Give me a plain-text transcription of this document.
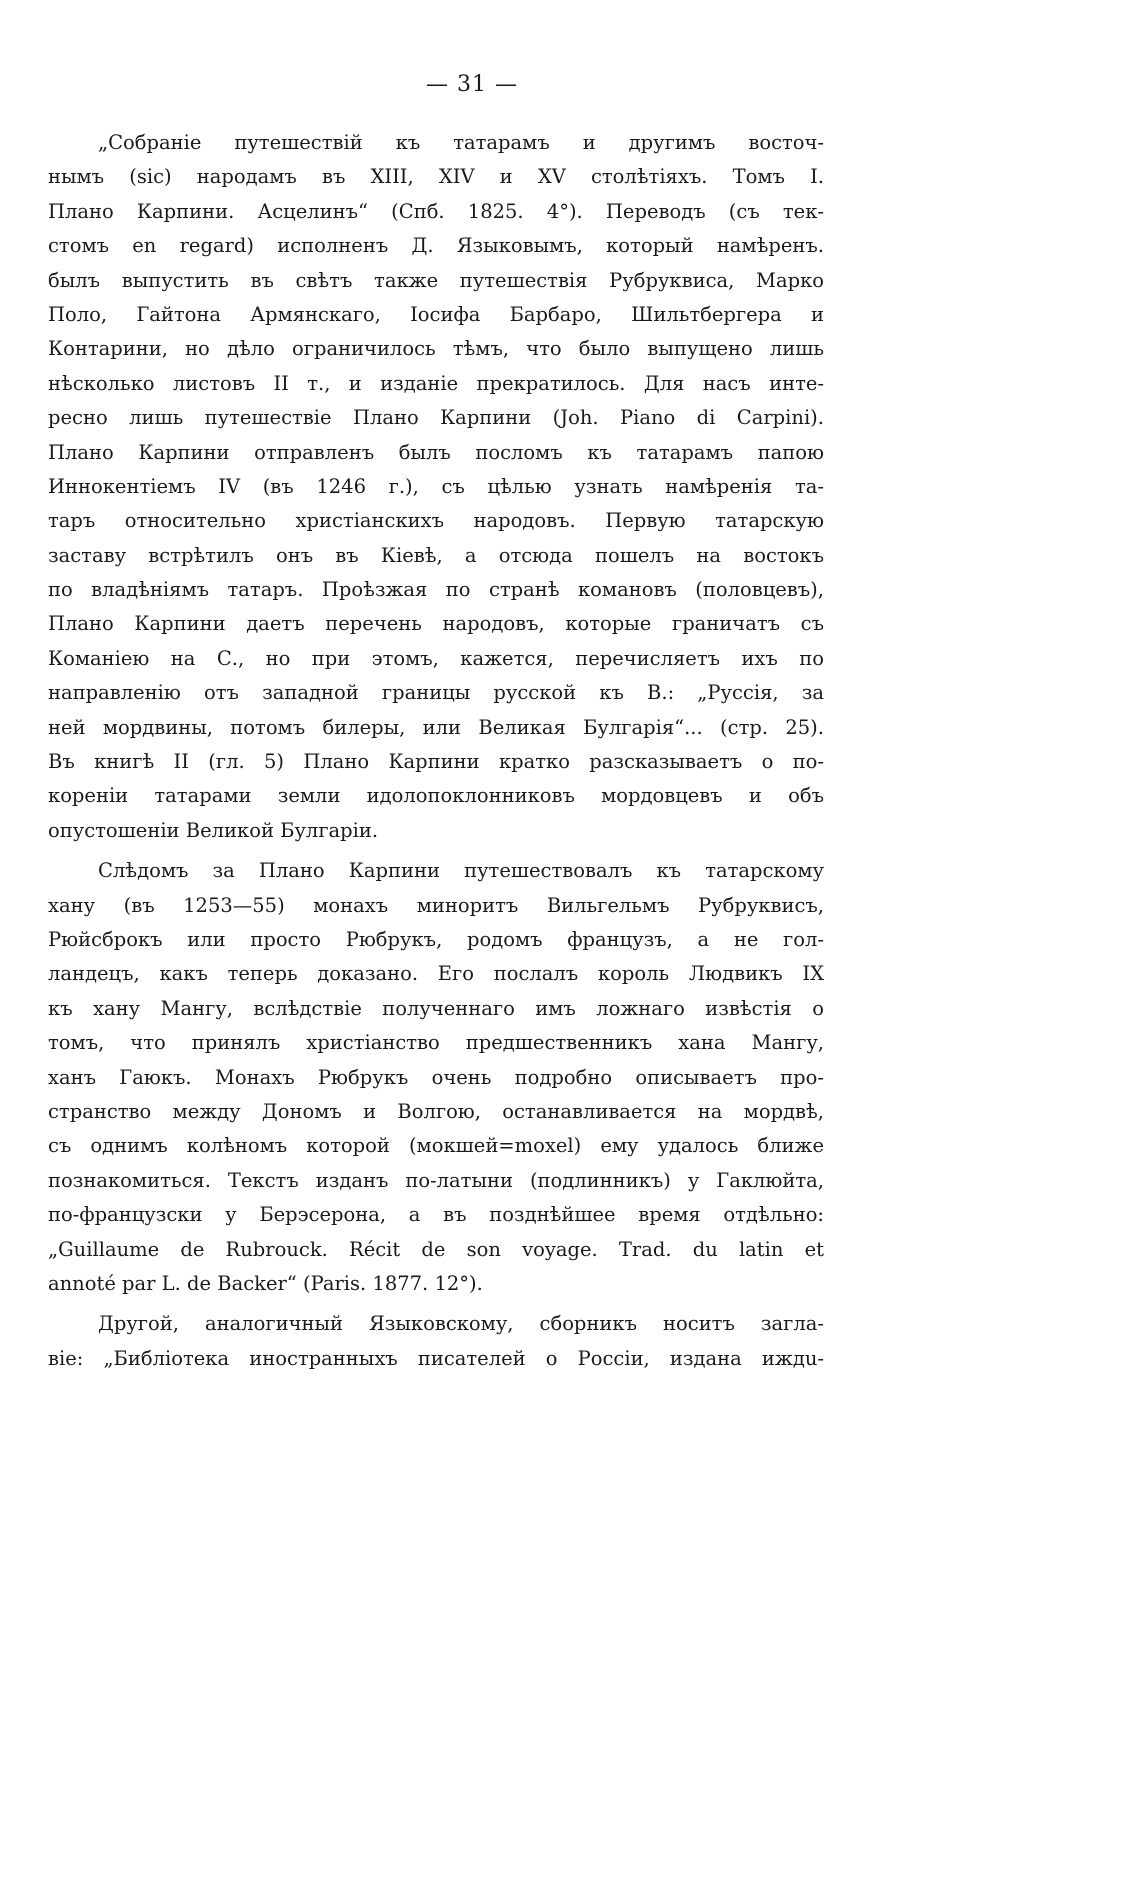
— 31 —
„Собраніе путешествій къ татарамъ и другимъ восточ-
нымъ (sic) народамъ въ XIII, XIV и XV столѣтіяхъ. Томъ I.
Плано Карпини. Асцелинъ“ (Спб. 1825. 4°). Переводъ (съ тек-
стомъ en regard) исполненъ Д. Языковымъ, который намѣренъ.
былъ выпустить въ свѣтъ также путешествія Рубруквиса, Марко
Поло, Гайтона Армянскаго, Іосифа Барбаро, Шильтбергера и
Контарини, но дѣло ограничилось тѣмъ, что было выпущено лишь
нѣсколько листовъ II т., и изданіе прекратилось. Для насъ инте-
ресно лишь путешествіе Плано Карпини (Joh. Piano di Carpini).
Плано Карпини отправленъ былъ посломъ къ татарамъ папою
Иннокентіемъ IV (въ 1246 г.), съ цѣлью узнать намѣренія та-
таръ относительно христіанскихъ народовъ. Первую татарскую
заставу встрѣтилъ онъ въ Кіевѣ, а отсюда пошелъ на востокъ
по владѣніямъ татаръ. Проѣзжая по странѣ комановъ (половцевъ),
Плано Карпини даетъ перечень народовъ, которые граничатъ съ
Команіею на С., но при этомъ, кажется, перечисляетъ ихъ по
направленію отъ западной границы русской къ В.: „Руссія, за
ней мордвины, потомъ билеры, или Великая Булгарія“... (стр. 25).
Въ книгѣ II (гл. 5) Плано Карпини кратко разсказываетъ о по-
кореніи татарами земли идолопоклонниковъ мордовцевъ и объ
опустошеніи Великой Булгаріи.
Слѣдомъ за Плано Карпини путешествовалъ къ татарскому
хану (въ 1253—55) монахъ миноритъ Вильгельмъ Рубруквисъ,
Рюйсброкъ или просто Рюбрукъ, родомъ французъ, а не гол-
ландецъ, какъ теперь доказано. Его послалъ король Людвикъ IX
къ хану Мангу, вслѣдствіе полученнаго имъ ложнаго извѣстія о
томъ, что принялъ христіанство предшественникъ хана Мангу,
ханъ Гаюкъ. Монахъ Рюбрукъ очень подробно описываетъ про-
странство между Дономъ и Волгою, останавливается на мордвѣ,
съ однимъ колѣномъ которой (мокшей=moxel) ему удалось ближе
познакомиться. Текстъ изданъ по-латыни (подлинникъ) у Гаклюйта,
по-французски у Берэсерона, а въ позднѣйшее время отдѣльно:
„Guillaume de Rubrouck. Récit de son voyage. Trad. du latin et
annoté par L. de Backer“ (Paris. 1877. 12°).
Другой, аналогичный Языковскому, сборникъ носитъ загла-
віе: „Библіотека иностранныхъ писателей о Россіи, издана иждu-
